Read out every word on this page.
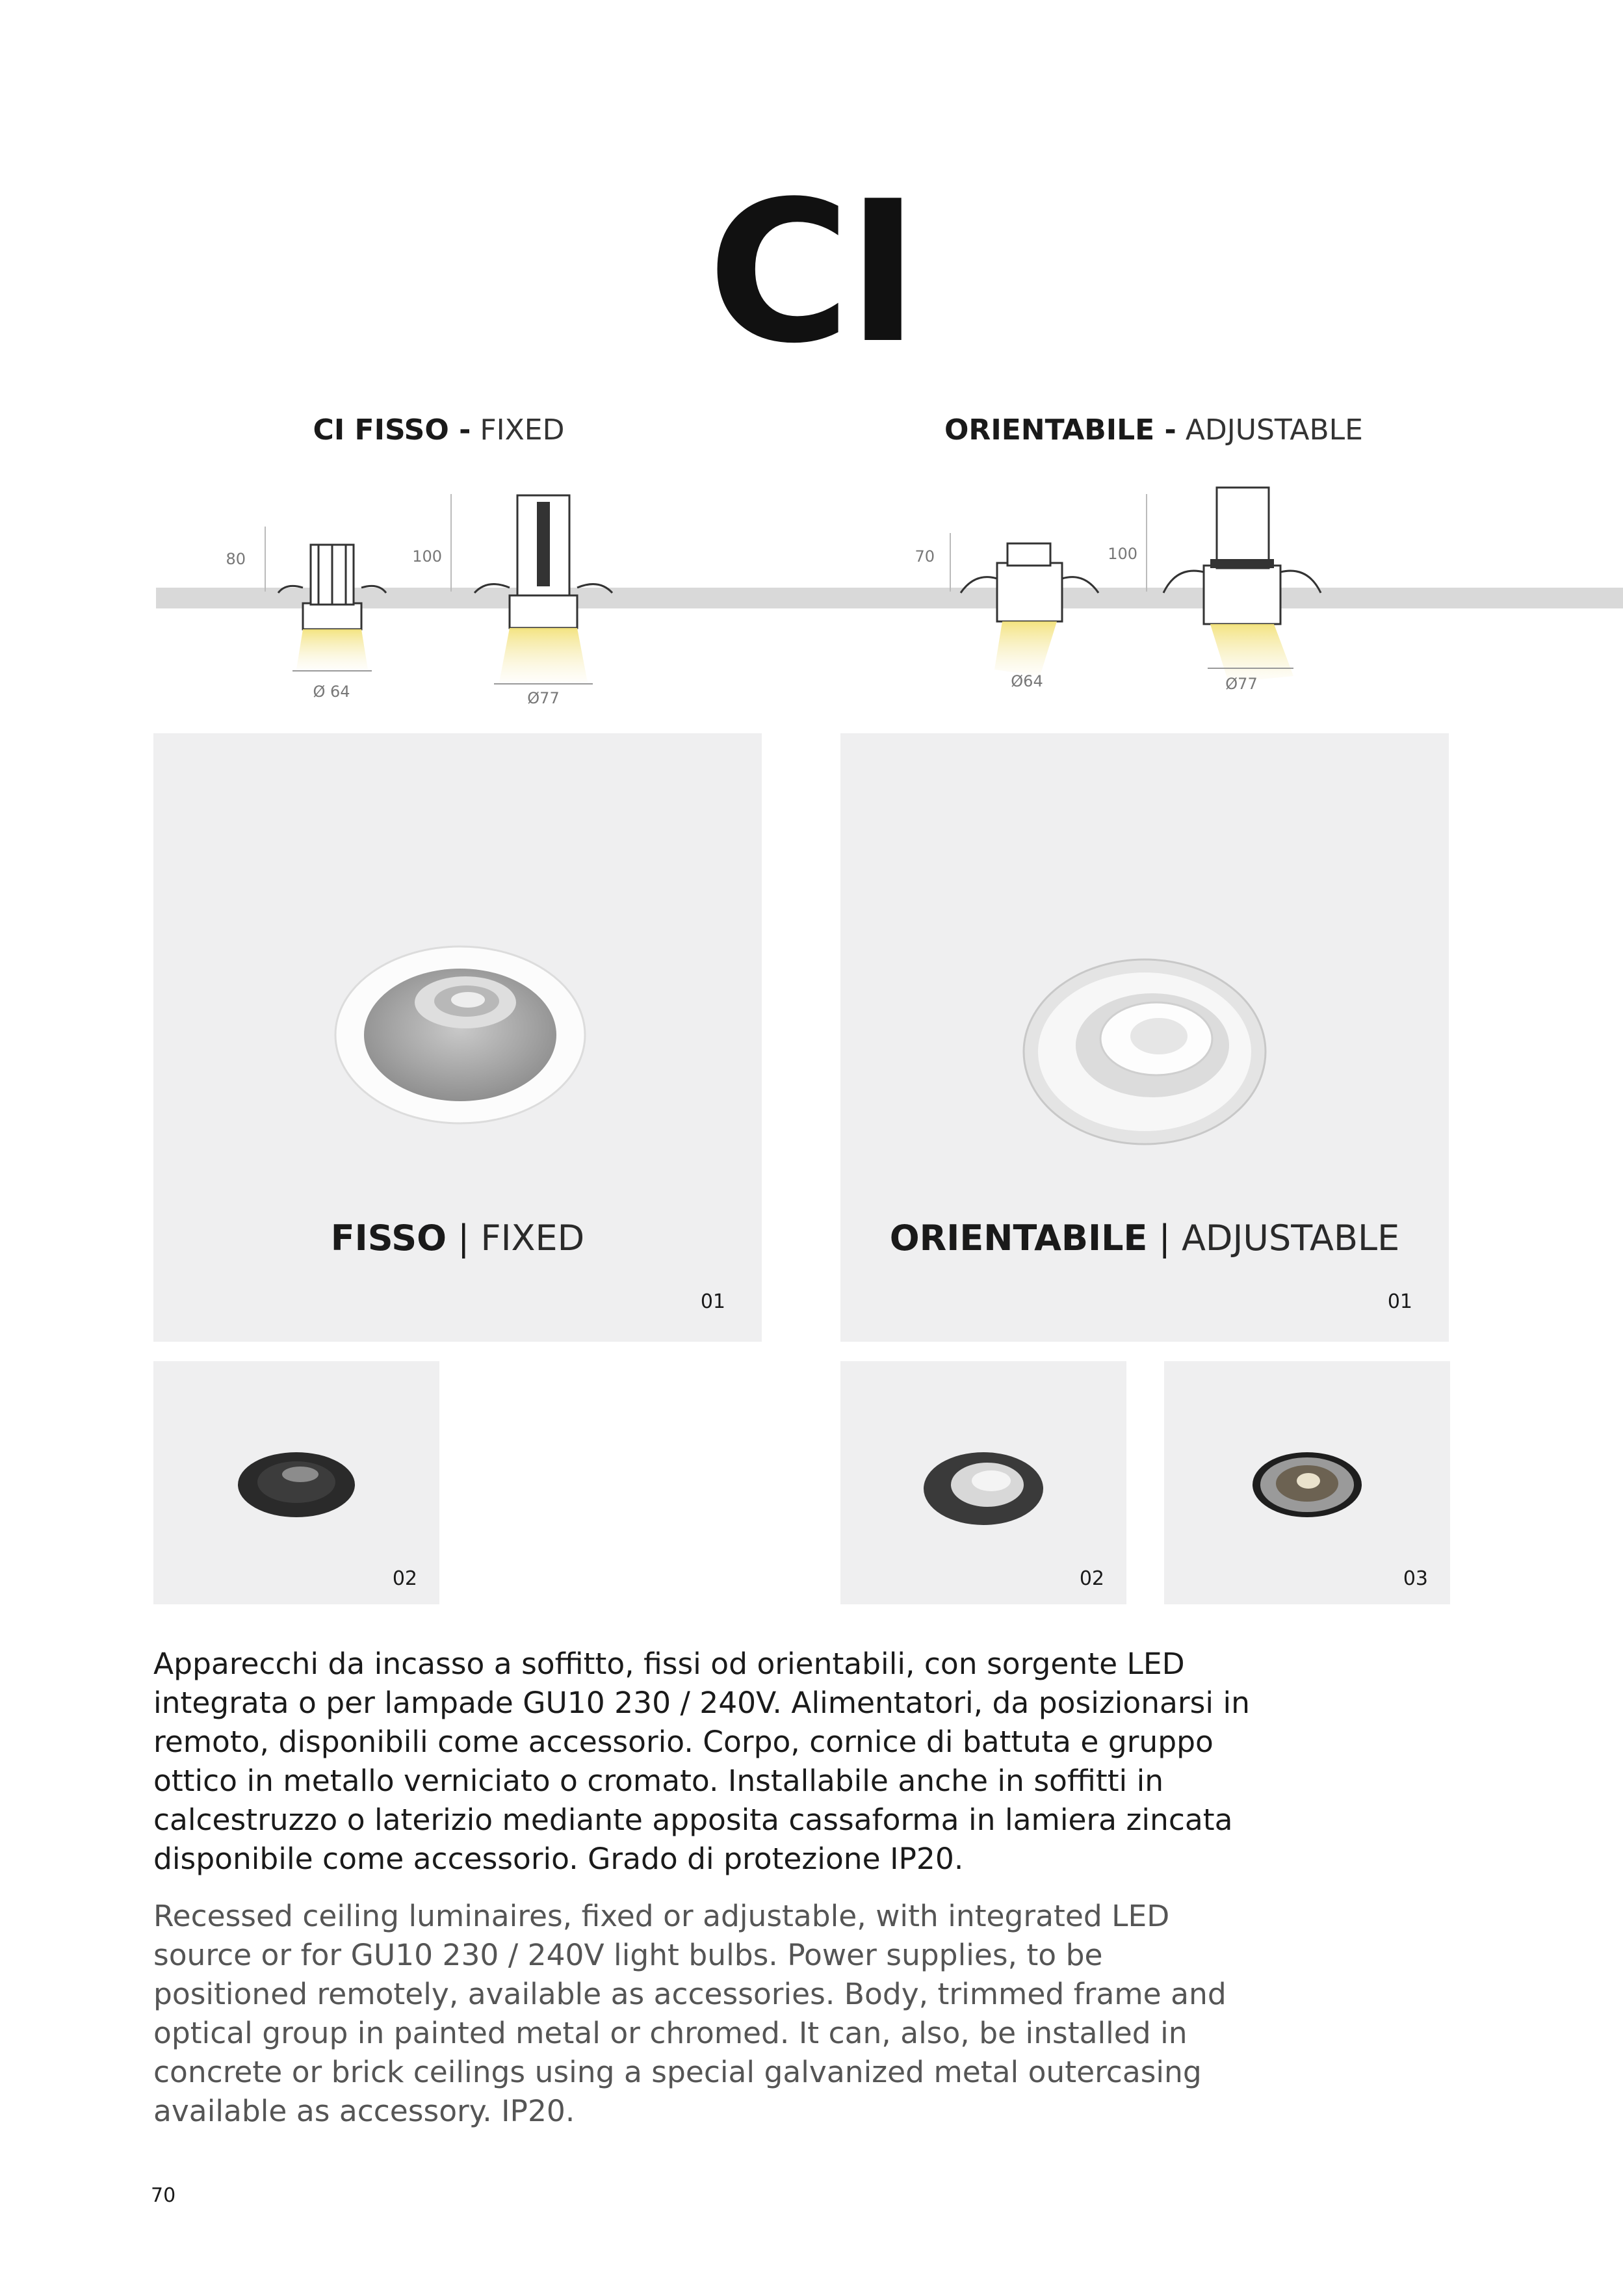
CI
CI FISSO - FIXED	ORIENTABILE - ADJUSTABLE
80	100
Ø 64	Ø77
70	100
Ø64	Ø77
FISSO | FIXED
01
ORIENTABILE | ADJUSTABLE
01
02	02	03

Apparecchi da incasso a soffitto, fissi od orientabili, con sorgente LED integrata o per lampade GU10 230 / 240V. Alimentatori, da posizionarsi in remoto, disponibili come accessorio. Corpo, cornice di battuta e gruppo ottico in metallo verniciato o cromato. Installabile anche in soffitti in calcestruzzo o laterizio mediante apposita cassaforma in lamiera zincata disponibile come accessorio. Grado di protezione IP20.

Recessed ceiling luminaires, fixed or adjustable, with integrated LED source or for GU10 230 / 240V light bulbs. Power supplies, to be positioned remotely, available as accessories. Body, trimmed frame and optical group in painted metal or chromed. It can, also, be installed in concrete or brick ceilings using a special galvanized metal outercasing available as accessory. IP20.

70
